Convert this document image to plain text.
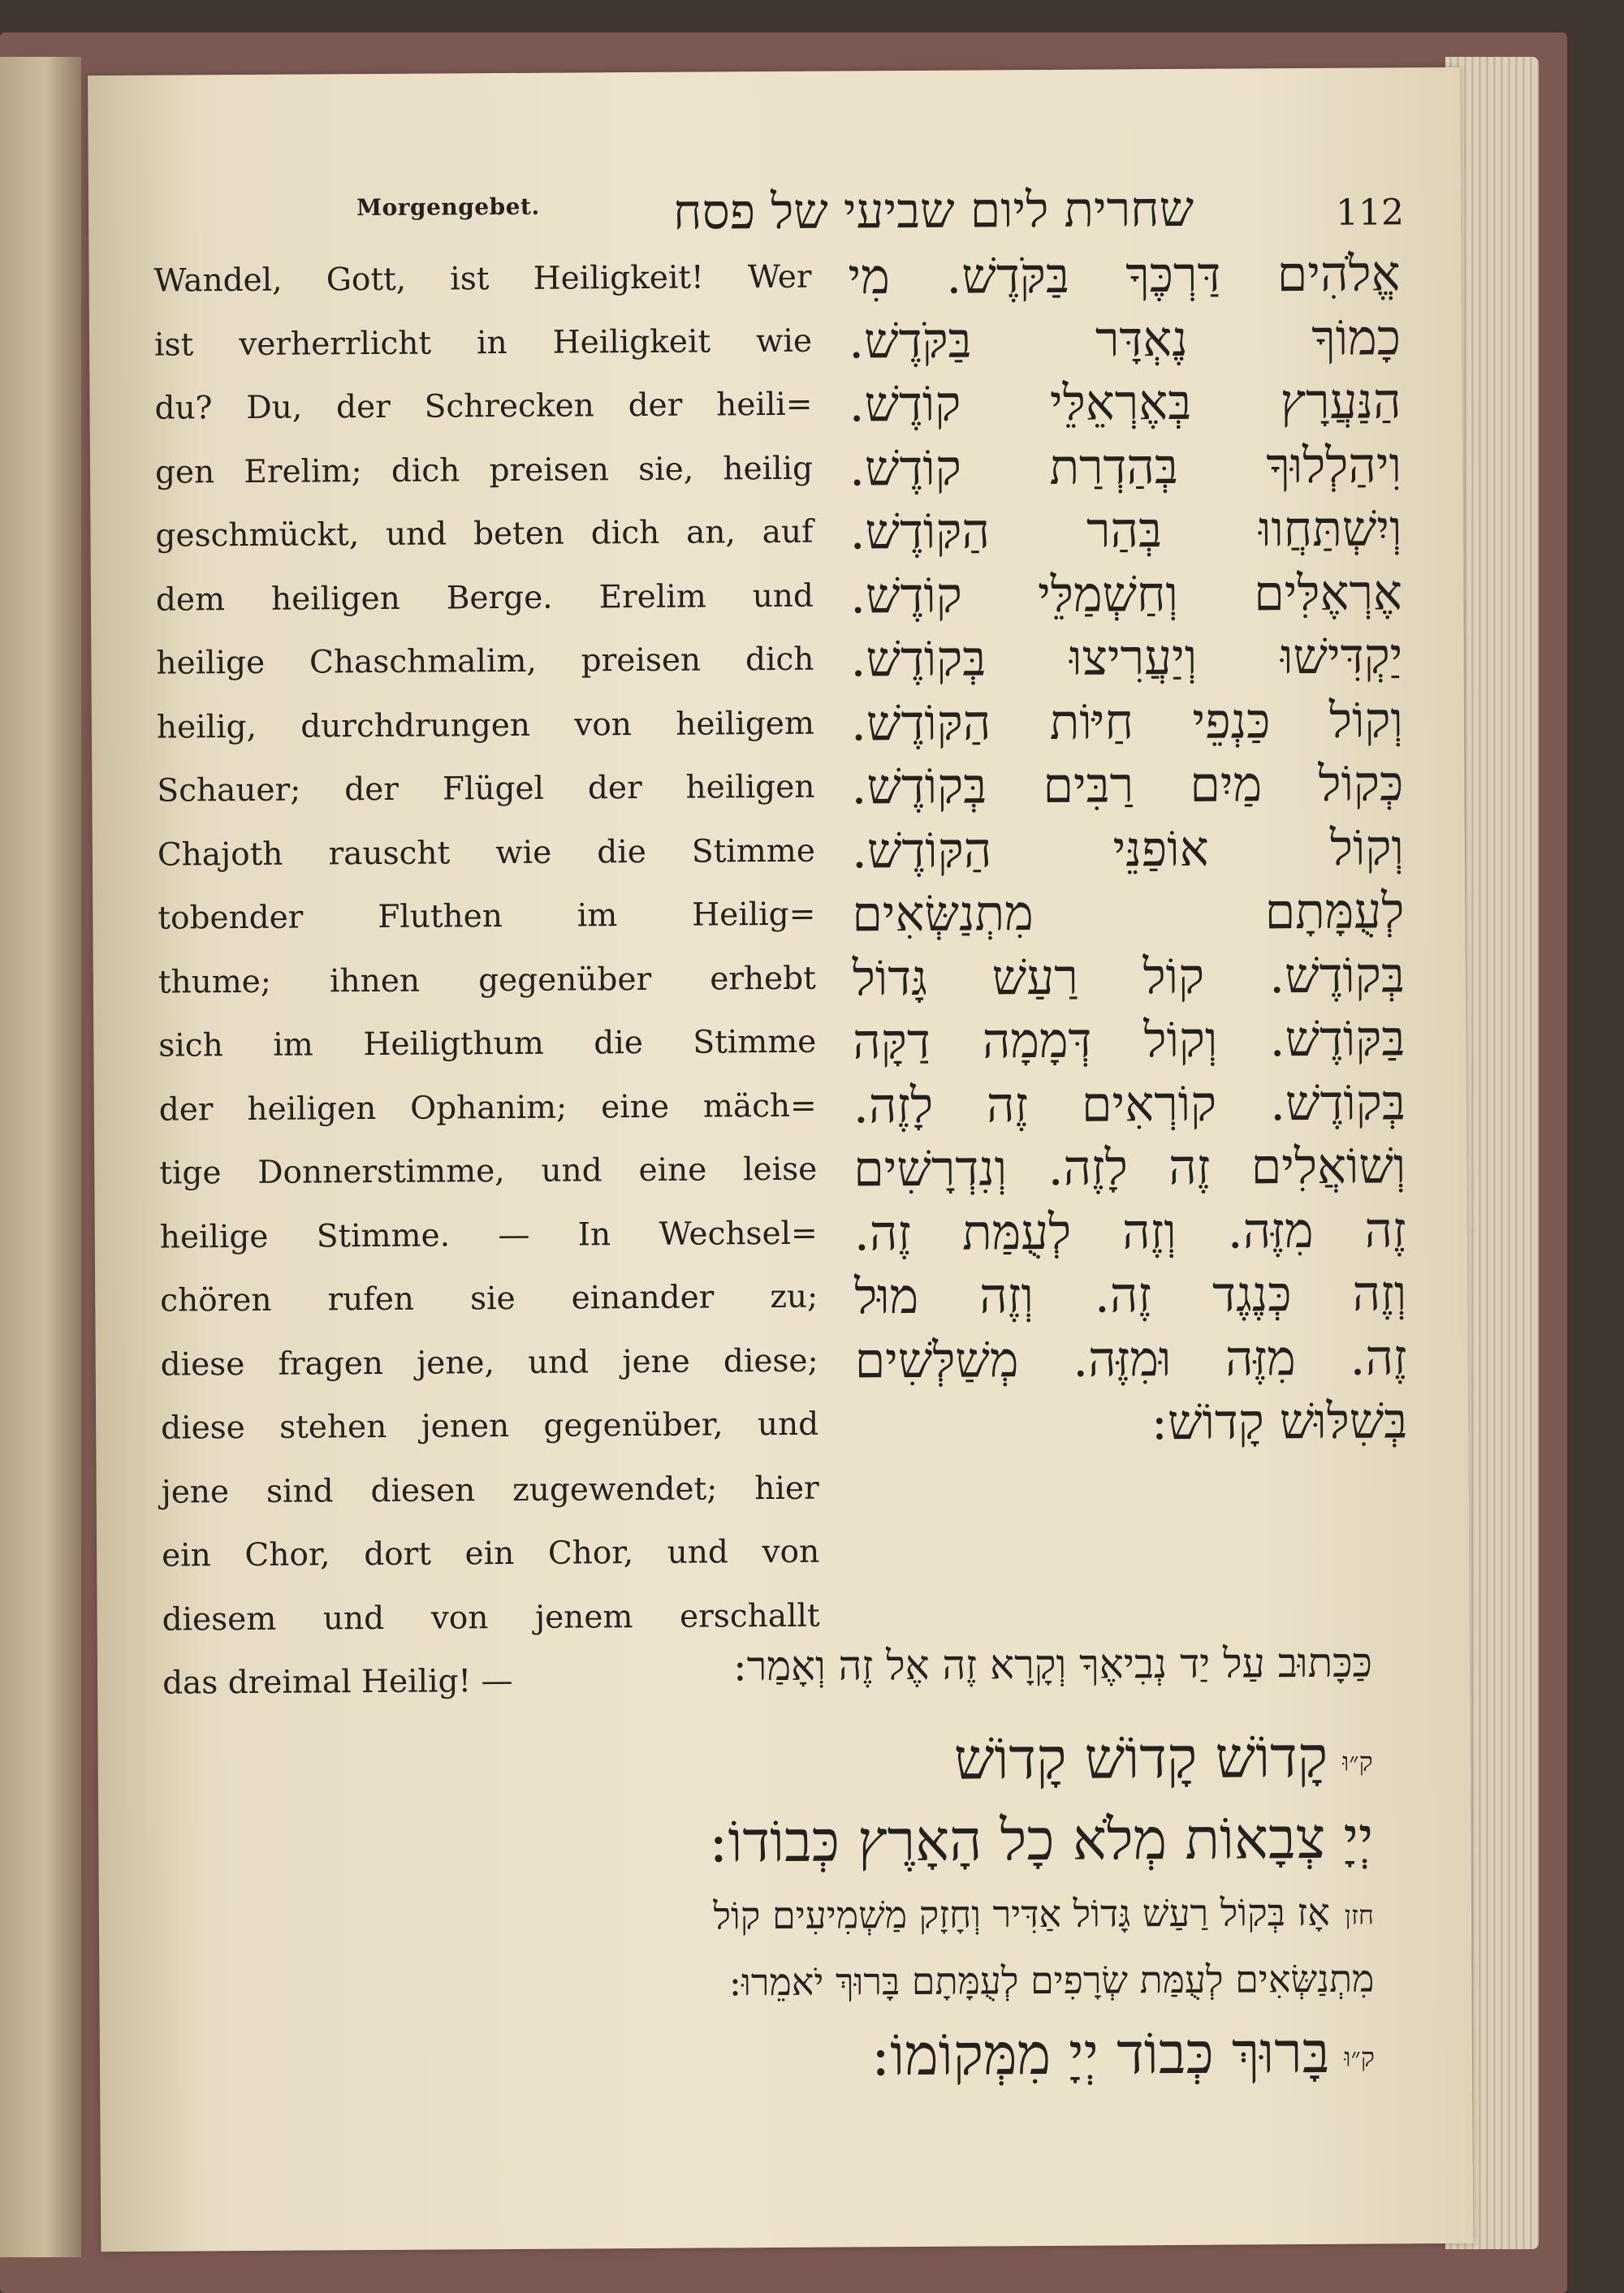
Morgengebet.	שחרית ליום שביעי של פסח	112
Wandel, Gott, ist Heiligkeit! Wer
ist verherrlicht in Heiligkeit wie
du? Du, der Schrecken der heili=
gen Erelim; dich preisen sie, heilig
geschmückt, und beten dich an, auf
dem heiligen Berge. Erelim und
heilige Chaschmalim, preisen dich
heilig, durchdrungen von heiligem
Schauer; der Flügel der heiligen
Chajoth rauscht wie die Stimme
tobender Fluthen im Heilig=
thume; ihnen gegenüber erhebt
sich im Heiligthum die Stimme
der heiligen Ophanim; eine mäch=
tige Donnerstimme, und eine leise
heilige Stimme. — In Wechsel=
chören rufen sie einander zu;
diese fragen jene, und jene diese;
diese stehen jenen gegenüber, und
jene sind diesen zugewendet; hier
ein Chor, dort ein Chor, und von
diesem und von jenem erschallt
das dreimal Heilig! —
אֱלֹהִים דַּרְכֶּךָ בַּקֹּדֶשׁ. מִי
כָמוֹךָ נֶאְדָּר בַּקֹּדֶשׁ.
הַנַּעֲרָץ בְּאֶרְאֵלֵּי קוֹדֶשׁ.
וִיהַלְלוּךָ בְּהַדְרַת קוֹדֶשׁ.
וְיִשְׁתַּחֲווּ בְּהַר הַקּוֹדֶשׁ.
אֶרְאֶלִּים וְחַשְׁמַלֵּי קוֹדֶשׁ.
יַקְדִּישׁוּ וְיַעֲרִיצוּ בְּקוֹדֶשׁ.
וְקוֹל כַּנְפֵי חַיּוֹת הַקּוֹדֶשׁ.
כְּקוֹל מַיִם רַבִּים בְּקוֹדֶשׁ.
וְקוֹל אוֹפַנֵּי הַקּוֹדֶשׁ.
לְעֻמָּתָם מִתְנַשְּׂאִים
בְּקוֹדֶשׁ. קוֹל רַעַשׁ גָּדוֹל
בַּקּוֹדֶשׁ. וְקוֹל דְּמָמָה דַקָּה
בְּקוֹדֶשׁ. קוֹרְאִים זֶה לָזֶה.
וְשׁוֹאֲלִים זֶה לָזֶה. וְנִדְרָשִׁים
זֶה מִזֶּה. וְזֶה לְעֻמַּת זֶה.
וְזֶה כְּנֶגֶד זֶה. וְזֶה מוּל
זֶה. מִזֶּה וּמִזֶּה. מְשַׁלְּשִׁים
בְּשִׁלּוּשׁ קָדוֹשׁ:
כַּכָּתוּב עַל יַד נְבִיאֶךָ וְקָרָא זֶה אֶל זֶה וְאָמַר:
ק״וּקָדוֹשׁ קָדוֹשׁ קָדוֹשׁ
יְיָ צְבָאוֹת מְלֹא כָל הָאָרֶץ כְּבוֹדוֹ:
חזןאָז בְּקוֹל רַעַשׁ גָּדוֹל אַדִּיר וְחָזָק מַשְׁמִיעִים קוֹל
מִתְנַשְּׂאִים לְעֻמַּת שְׂרָפִים לְעֻמָּתָם בָּרוּךְ יֹאמֵרוּ:
ק״וּבָּרוּךְ כְּבוֹד יְיָ מִמְּקוֹמוֹ:
